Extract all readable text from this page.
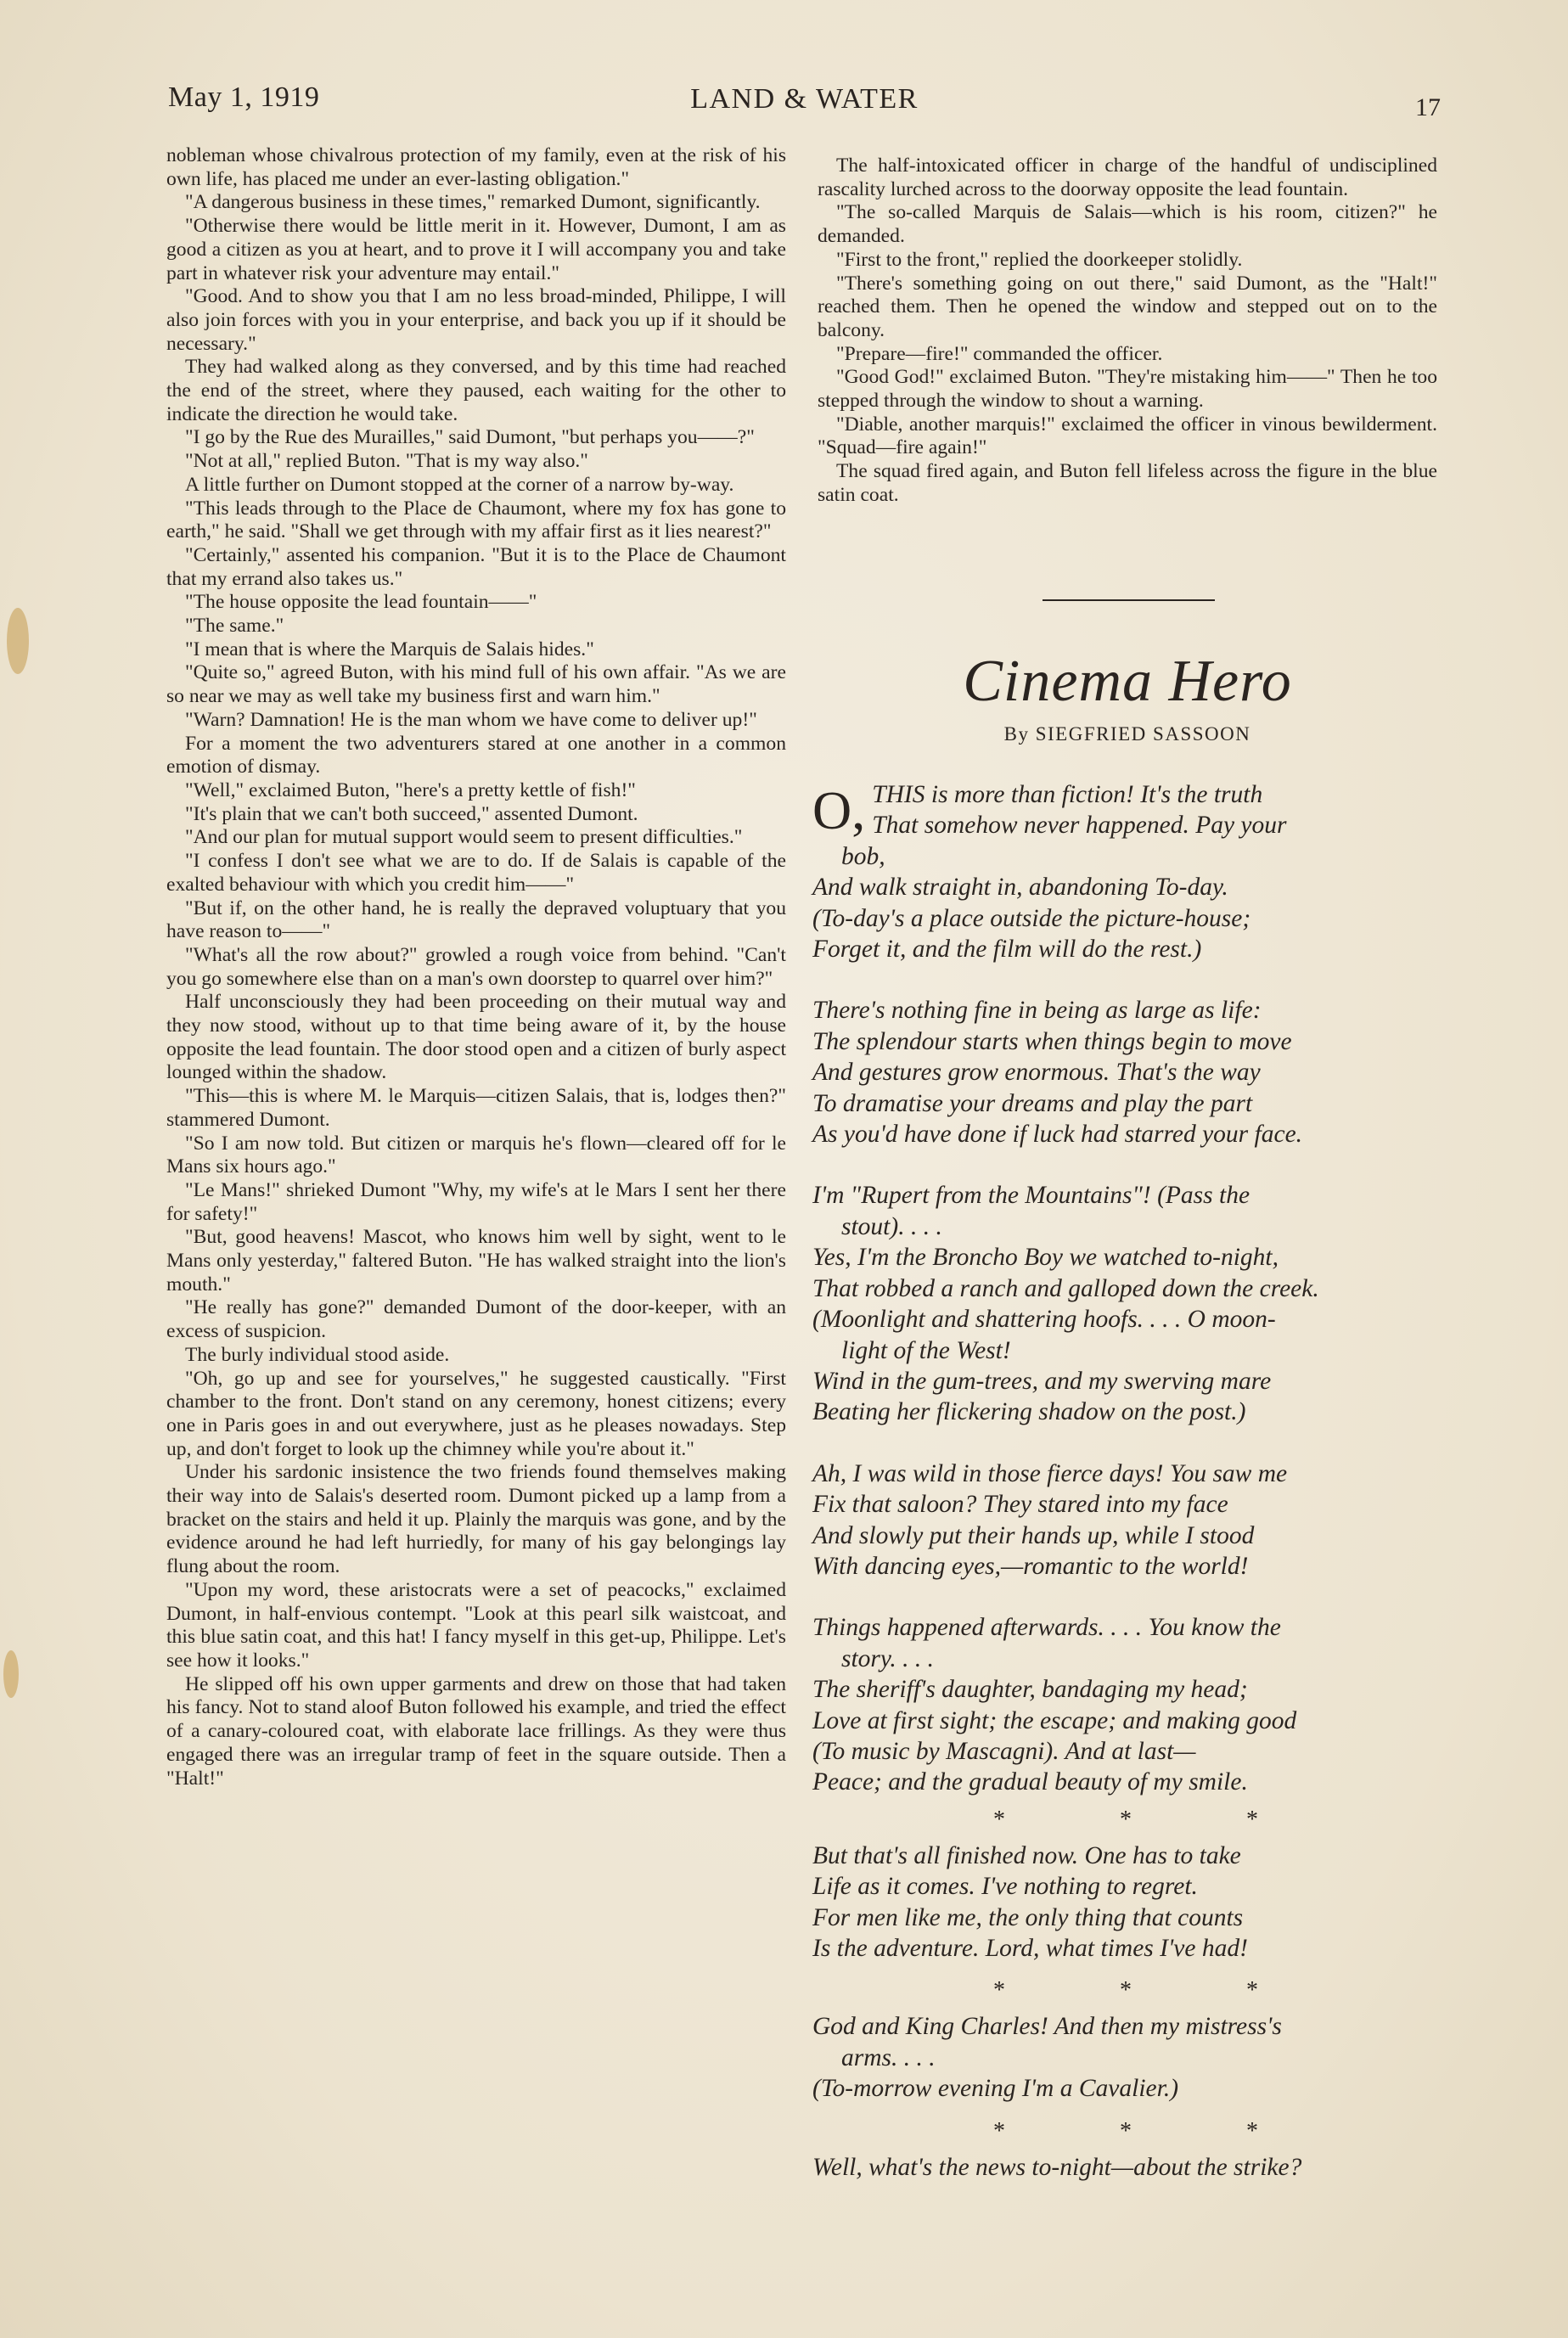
May 1, 1919	LAND & WATER	17

nobleman whose chivalrous protection of my family, even at the risk of his own life, has placed me under an ever-lasting obligation."

"A dangerous business in these times," remarked Dumont, significantly.

"Otherwise there would be little merit in it. However, Dumont, I am as good a citizen as you at heart, and to prove it I will accompany you and take part in whatever risk your adventure may entail."

"Good. And to show you that I am no less broad-minded, Philippe, I will also join forces with you in your enterprise, and back you up if it should be necessary."

They had walked along as they conversed, and by this time had reached the end of the street, where they paused, each waiting for the other to indicate the direction he would take.

"I go by the Rue des Murailles," said Dumont, "but perhaps you——?"

"Not at all," replied Buton. "That is my way also."

A little further on Dumont stopped at the corner of a narrow by-way.

"This leads through to the Place de Chaumont, where my fox has gone to earth," he said. "Shall we get through with my affair first as it lies nearest?"

"Certainly," assented his companion. "But it is to the Place de Chaumont that my errand also takes us."

"The house opposite the lead fountain——"

"The same."

"I mean that is where the Marquis de Salais hides."

"Quite so," agreed Buton, with his mind full of his own affair. "As we are so near we may as well take my business first and warn him."

"Warn? Damnation! He is the man whom we have come to deliver up!"

For a moment the two adventurers stared at one another in a common emotion of dismay.

"Well," exclaimed Buton, "here's a pretty kettle of fish!"

"It's plain that we can't both succeed," assented Dumont.

"And our plan for mutual support would seem to present difficulties."

"I confess I don't see what we are to do. If de Salais is capable of the exalted behaviour with which you credit him——"

"But if, on the other hand, he is really the depraved voluptuary that you have reason to——"

"What's all the row about?" growled a rough voice from behind. "Can't you go somewhere else than on a man's own doorstep to quarrel over him?"

Half unconsciously they had been proceeding on their mutual way and they now stood, without up to that time being aware of it, by the house opposite the lead fountain. The door stood open and a citizen of burly aspect lounged within the shadow.

"This—this is where M. le Marquis—citizen Salais, that is, lodges then?" stammered Dumont.

"So I am now told. But citizen or marquis he's flown—cleared off for le Mans six hours ago."

"Le Mans!" shrieked Dumont "Why, my wife's at le Mars I sent her there for safety!"

"But, good heavens! Mascot, who knows him well by sight, went to le Mans only yesterday," faltered Buton. "He has walked straight into the lion's mouth."

"He really has gone?" demanded Dumont of the door-keeper, with an excess of suspicion.

The burly individual stood aside.

"Oh, go up and see for yourselves," he suggested caustically. "First chamber to the front. Don't stand on any ceremony, honest citizens; every one in Paris goes in and out everywhere, just as he pleases nowadays. Step up, and don't forget to look up the chimney while you're about it."

Under his sardonic insistence the two friends found themselves making their way into de Salais's deserted room. Dumont picked up a lamp from a bracket on the stairs and held it up. Plainly the marquis was gone, and by the evidence around he had left hurriedly, for many of his gay belongings lay flung about the room.

"Upon my word, these aristocrats were a set of peacocks," exclaimed Dumont, in half-envious contempt. "Look at this pearl silk waistcoat, and this blue satin coat, and this hat! I fancy myself in this get-up, Philippe. Let's see how it looks."

He slipped off his own upper garments and drew on those that had taken his fancy. Not to stand aloof Buton followed his example, and tried the effect of a canary-coloured coat, with elaborate lace frillings. As they were thus engaged there was an irregular tramp of feet in the square outside. Then a "Halt!"

The half-intoxicated officer in charge of the handful of undisciplined rascality lurched across to the doorway opposite the lead fountain.

"The so-called Marquis de Salais—which is his room, citizen?" he demanded.

"First to the front," replied the doorkeeper stolidly.

"There's something going on out there," said Dumont, as the "Halt!" reached them. Then he opened the window and stepped out on to the balcony.

"Prepare—fire!" commanded the officer.

"Good God!" exclaimed Buton. "They're mistaking him——" Then he too stepped through the window to shout a warning.

"Diable, another marquis!" exclaimed the officer in vinous bewilderment. "Squad—fire again!"

The squad fired again, and Buton fell lifeless across the figure in the blue satin coat.

Cinema Hero
By SIEGFRIED SASSOON
O, THIS is more than fiction! It's the truth
That somehow never happened. Pay your
bob,
And walk straight in, abandoning To-day.
(To-day's a place outside the picture-house;
Forget it, and the film will do the rest.)
There's nothing fine in being as large as life:
The splendour starts when things begin to move
And gestures grow enormous. That's the way
To dramatise your dreams and play the part
As you'd have done if luck had starred your face.
I'm "Rupert from the Mountains"! (Pass the
stout). . . .
Yes, I'm the Broncho Boy we watched to-night,
That robbed a ranch and galloped down the creek.
(Moonlight and shattering hoofs. . . . O moon-
light of the West!
Wind in the gum-trees, and my swerving mare
Beating her flickering shadow on the post.)
Ah, I was wild in those fierce days! You saw me
Fix that saloon? They stared into my face
And slowly put their hands up, while I stood
With dancing eyes,—romantic to the world!
Things happened afterwards. . . . You know the
story. . . .
The sheriff's daughter, bandaging my head;
Love at first sight; the escape; and making good
(To music by Mascagni). And at last—
Peace; and the gradual beauty of my smile.
* * *
But that's all finished now. One has to take
Life as it comes. I've nothing to regret.
For men like me, the only thing that counts
Is the adventure. Lord, what times I've had!
* * *
God and King Charles! And then my mistress's
arms. . . .
(To-morrow evening I'm a Cavalier.)
* * *
Well, what's the news to-night—about the strike?
